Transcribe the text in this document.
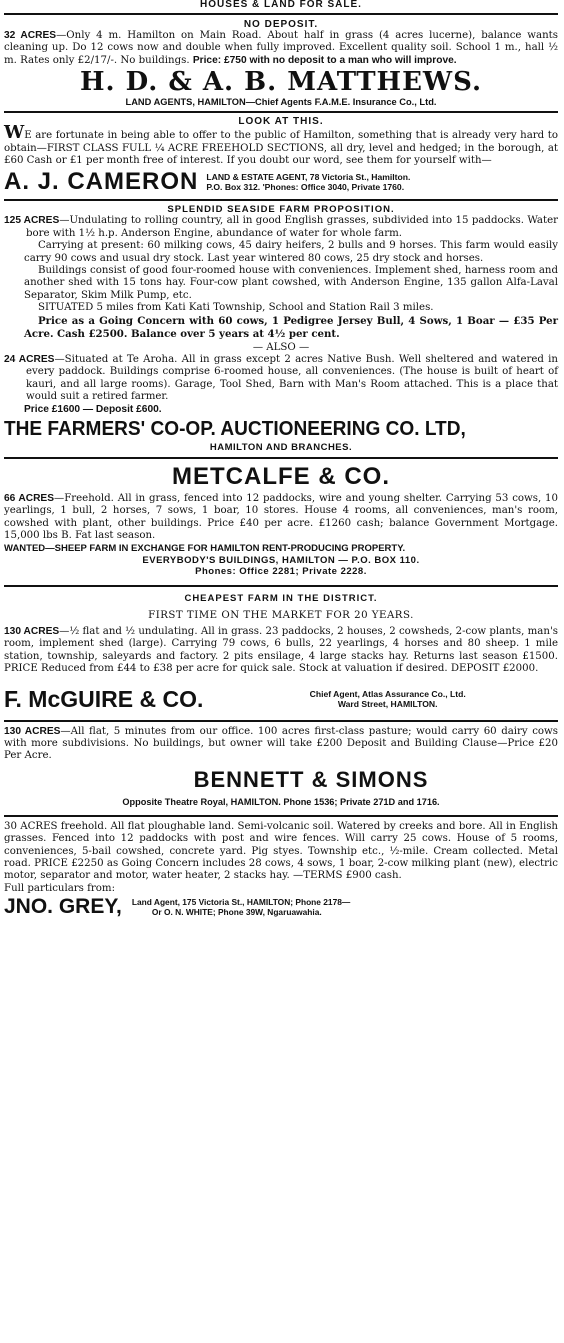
HOUSES & LAND FOR SALE.
NO DEPOSIT.

32 ACRES—Only 4 m. Hamilton on Main Road. About half in grass (4 acres lucerne), balance wants cleaning up. Do 12 cows now and double when fully improved. Excellent quality soil. School 1 m., hall ½ m. Rates only £2/17/-. No buildings. Price: £750 with no deposit to a man who will improve.

H. D. & A. B. MATTHEWS.
LAND AGENTS, HAMILTON—Chief Agents F.A.M.E. Insurance Co., Ltd.
LOOK AT THIS.

WE are fortunate in being able to offer to the public of Hamilton, something that is already very hard to obtain—FIRST CLASS FULL ¼ ACRE FREEHOLD SECTIONS, all dry, level and hedged; in the borough, at £60 Cash or £1 per month free of interest. If you doubt our word, see them for yourself with—

A. J. CAMERON LAND & ESTATE AGENT, 78 Victoria St., Hamilton.
P.O. Box 312. 'Phones: Office 3040, Private 1760.
SPLENDID SEASIDE FARM PROPOSITION.

125 ACRES—Undulating to rolling country, all in good English grasses, subdivided into 15 paddocks. Water bore with 1½ h.p. Anderson Engine, abundance of water for whole farm.

Carrying at present: 60 milking cows, 45 dairy heifers, 2 bulls and 9 horses. This farm would easily carry 90 cows and usual dry stock. Last year wintered 80 cows, 25 dry stock and horses.

Buildings consist of good four-roomed house with conveniences. Implement shed, harness room and another shed with 15 tons hay. Four-cow plant cowshed, with Anderson Engine, 135 gallon Alfa-Laval Separator, Skim Milk Pump, etc.

SITUATED 5 miles from Kati Kati Township, School and Station Rail 3 miles.

Price as a Going Concern with 60 cows, 1 Pedigree Jersey Bull, 4 Sows, 1 Boar — £35 Per Acre. Cash £2500. Balance over 5 years at 4½ per cent.

— ALSO —

24 ACRES—Situated at Te Aroha. All in grass except 2 acres Native Bush. Well sheltered and watered in every paddock. Buildings comprise 6-roomed house, all conveniences. (The house is built of heart of kauri, and all large rooms). Garage, Tool Shed, Barn with Man's Room attached. This is a place that would suit a retired farmer.

Price £1600 — Deposit £600.

THE FARMERS' CO-OP. AUCTIONEERING CO. LTD,
HAMILTON AND BRANCHES.
METCALFE & CO.

66 ACRES—Freehold. All in grass, fenced into 12 paddocks, wire and young shelter. Carrying 53 cows, 10 yearlings, 1 bull, 2 horses, 7 sows, 1 boar, 10 stores. House 4 rooms, all conveniences, man's room, cowshed with plant, other buildings. Price £40 per acre. £1260 cash; balance Government Mortgage. 15,000 lbs B. Fat last season.

WANTED—SHEEP FARM IN EXCHANGE FOR HAMILTON RENT-PRODUCING PROPERTY.

EVERYBODY'S BUILDINGS, HAMILTON — P.O. BOX 110.
Phones: Office 2281; Private 2228.
CHEAPEST FARM IN THE DISTRICT.
FIRST TIME ON THE MARKET FOR 20 YEARS.

130 ACRES—½ flat and ½ undulating. All in grass. 23 paddocks, 2 houses, 2 cowsheds, 2-cow plants, man's room, implement shed (large). Carrying 79 cows, 6 bulls, 22 yearlings, 4 horses and 80 sheep. 1 mile station, township, saleyards and factory. 2 pits ensilage, 4 large stacks hay. Returns last season £1500. PRICE Reduced from £44 to £38 per acre for quick sale. Stock at valuation if desired. DEPOSIT £2000.

F. McGUIRE & CO.	Chief Agent, Atlas Assurance Co., Ltd.
Ward Street, HAMILTON.

130 ACRES—All flat, 5 minutes from our office. 100 acres first-class pasture; would carry 60 dairy cows with more subdivisions. No buildings, but owner will take £200 Deposit and Building Clause—Price £20 Per Acre.

BENNETT & SIMONS
Opposite Theatre Royal, HAMILTON. Phone 1536; Private 271D and 1716.

30 ACRES freehold. All flat ploughable land. Semi-volcanic soil. Watered by creeks and bore. All in English grasses. Fenced into 12 paddocks with post and wire fences. Will carry 25 cows. House of 5 rooms, conveniences, 5-bail cowshed, concrete yard. Pig styes. Township etc., ½-mile. Cream collected. Metal road. PRICE £2250 as Going Concern includes 28 cows, 4 sows, 1 boar, 2-cow milking plant (new), electric motor, separator and motor, water heater, 2 stacks hay. —TERMS £900 cash.

Full particulars from:
JNO. GREY, Land Agent, 175 Victoria St., HAMILTON; Phone 2178—
Or O. N. WHITE; Phone 39W, Ngaruawahia.
